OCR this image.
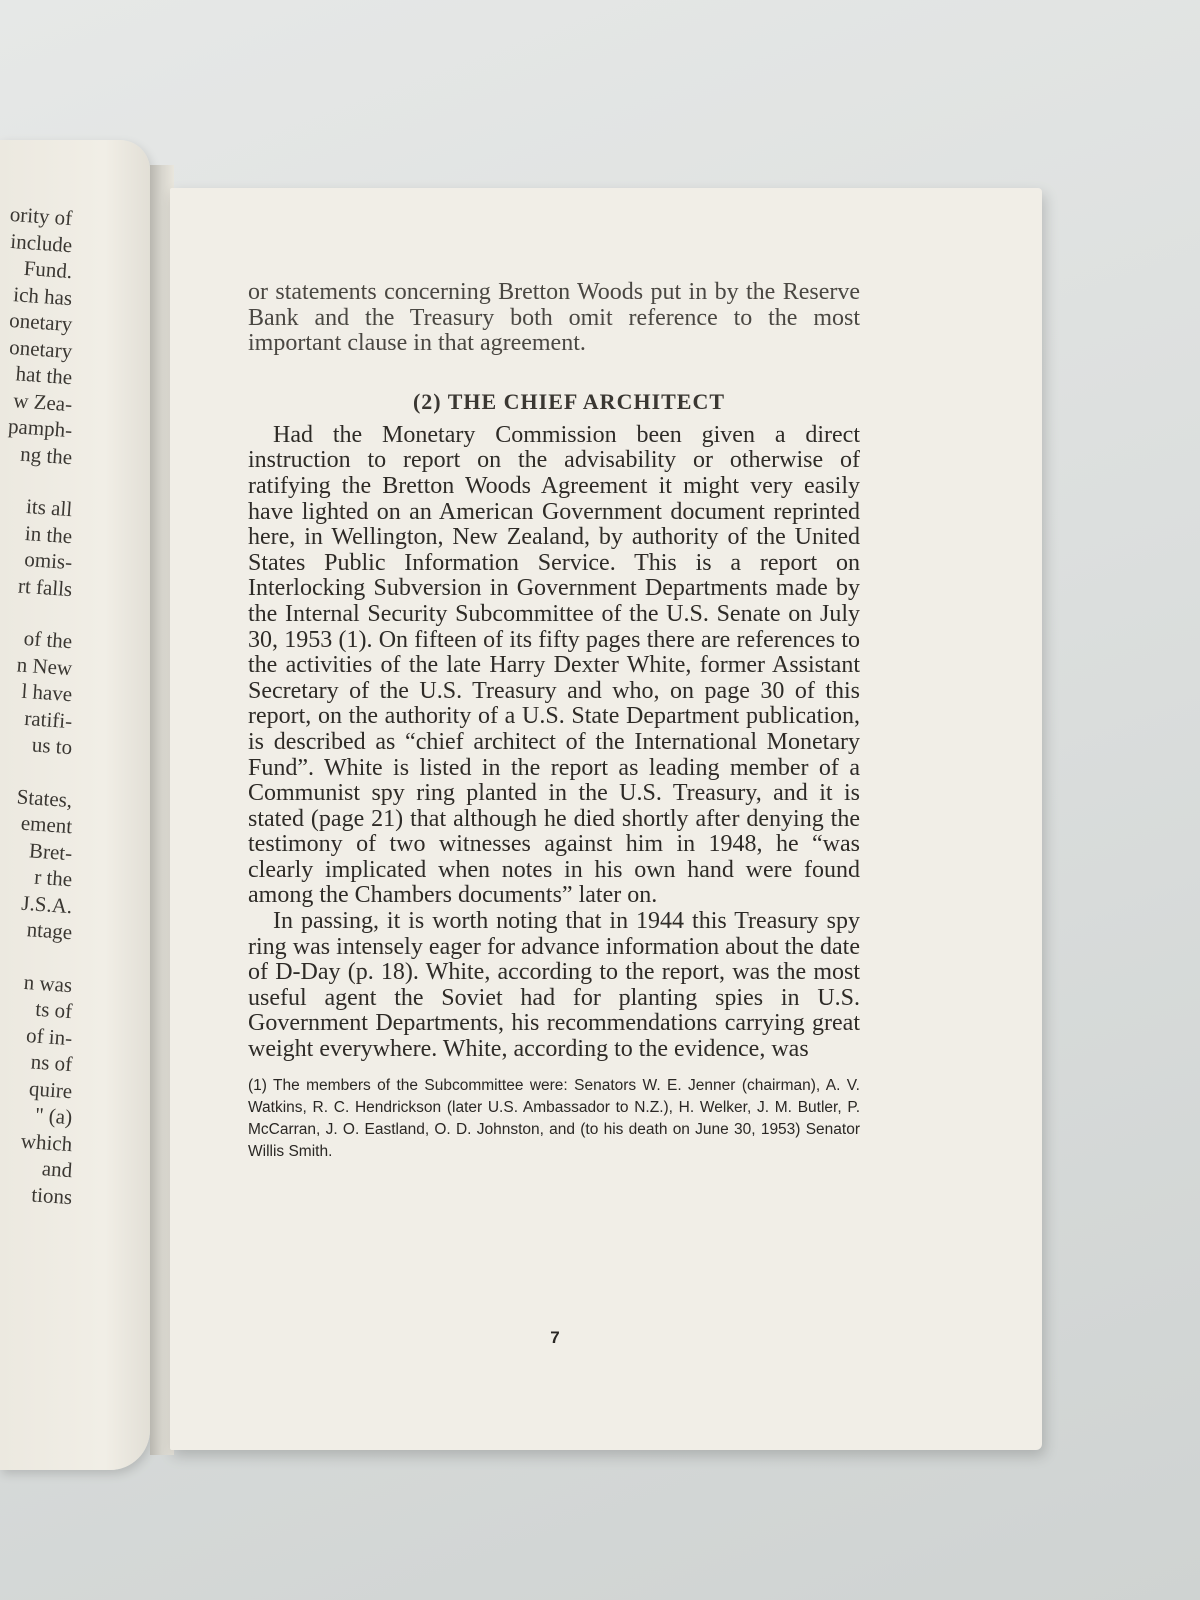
ority of
include
Fund.
ich has
onetary
onetary
hat the
w Zea-
pamph-
ng the
its all
in the
omis-
rt falls
of the
n New
l have
ratifi-
us to
States,
ement
Bret-
r the
J.S.A.
ntage
n was
ts of
of in-
ns of
quire
" (a)
which
and
tions

or statements concerning Bretton Woods put in by the Reserve Bank and the Treasury both omit reference to the most important clause in that agreement.

(2) THE CHIEF ARCHITECT

Had the Monetary Commission been given a direct instruction to report on the advisability or otherwise of ratifying the Bretton Woods Agreement it might very easily have lighted on an American Government document reprinted here, in Wellington, New Zealand, by authority of the United States Public Information Service. This is a report on Interlocking Subversion in Government Departments made by the Internal Security Subcommittee of the U.S. Senate on July 30, 1953 (1). On fifteen of its fifty pages there are references to the activities of the late Harry Dexter White, former Assistant Secretary of the U.S. Treasury and who, on page 30 of this report, on the authority of a U.S. State Department publication, is described as “chief architect of the International Monetary Fund”. White is listed in the report as leading member of a Communist spy ring planted in the U.S. Treasury, and it is stated (page 21) that although he died shortly after denying the testimony of two witnesses against him in 1948, he “was clearly implicated when notes in his own hand were found among the Chambers documents” later on.

In passing, it is worth noting that in 1944 this Treasury spy ring was intensely eager for advance information about the date of D-Day (p. 18). White, according to the report, was the most useful agent the Soviet had for planting spies in U.S. Government Departments, his recommendations carrying great weight everywhere. White, according to the evidence, was

(1) The members of the Subcommittee were: Senators W. E. Jenner (chairman), A. V. Watkins, R. C. Hendrickson (later U.S. Ambassador to N.Z.), H. Welker, J. M. Butler, P. McCarran, J. O. Eastland, O. D. Johnston, and (to his death on June 30, 1953) Senator Willis Smith.

7
